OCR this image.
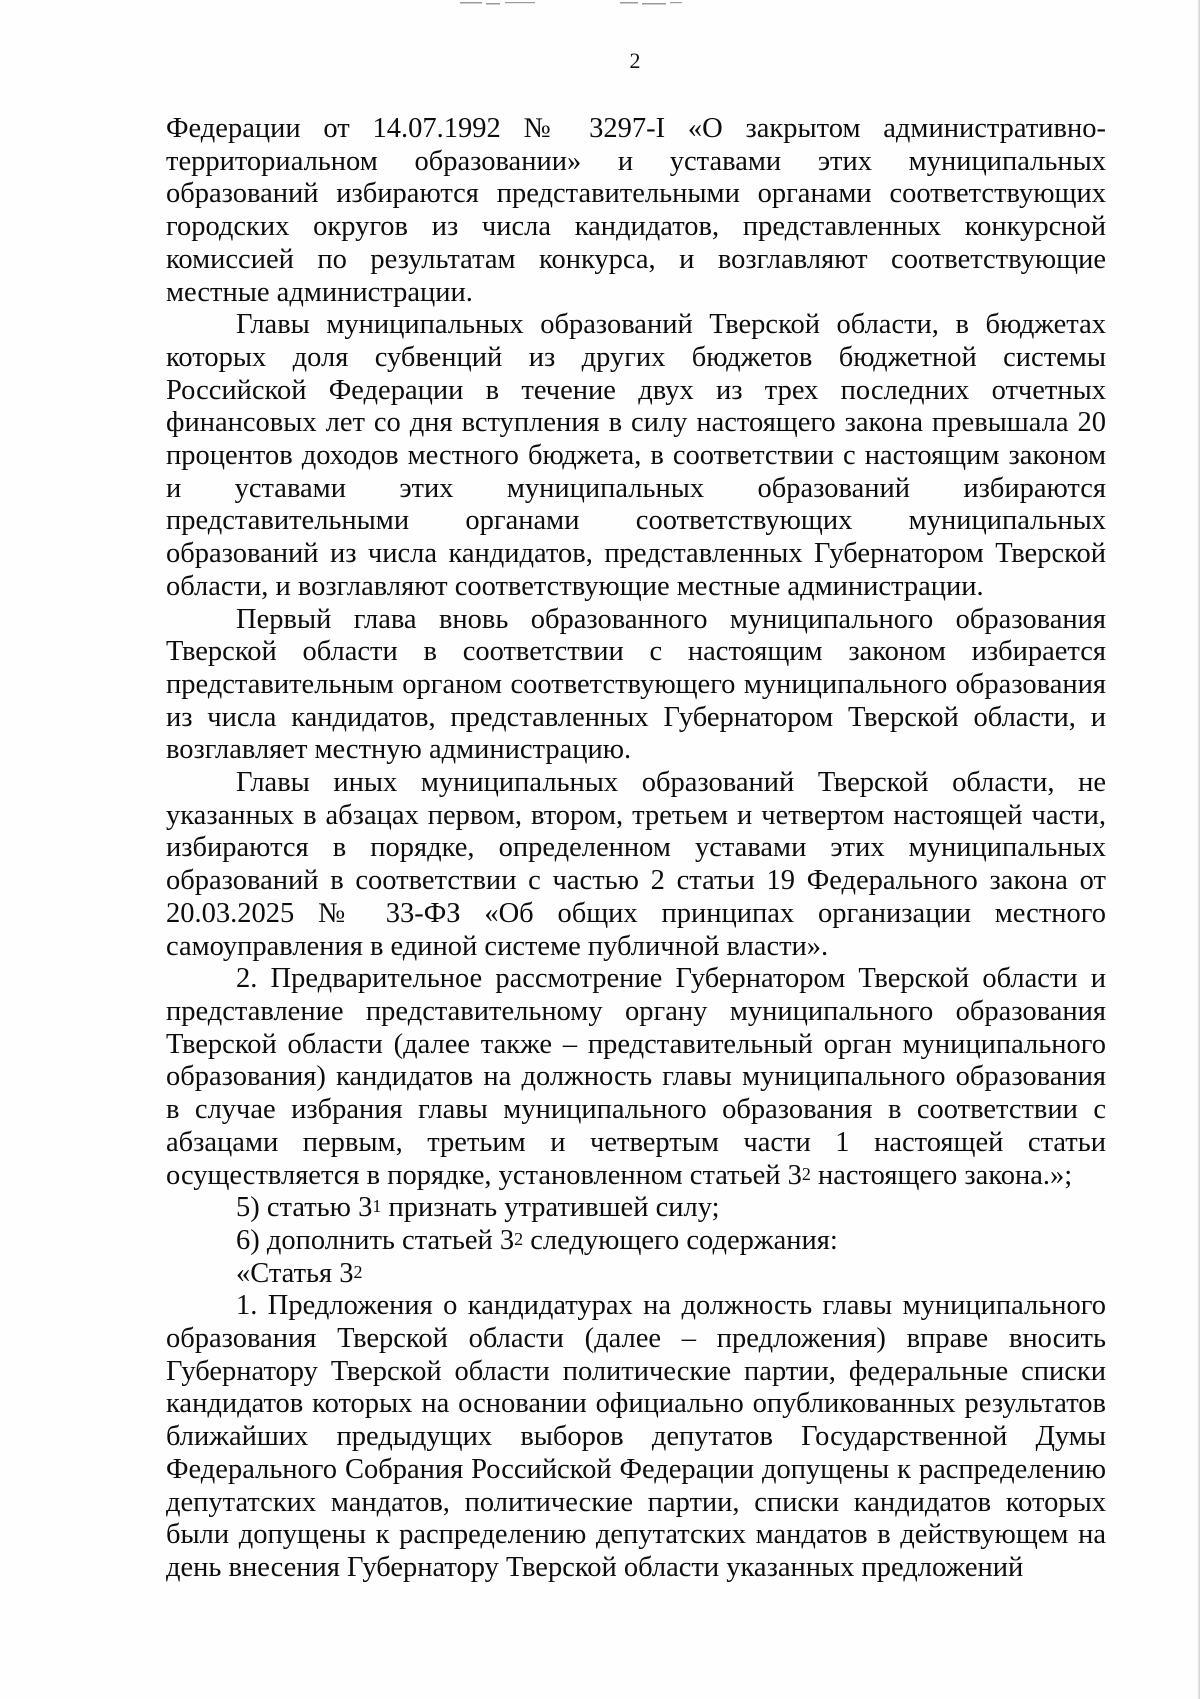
2

Федерации от 14.07.1992 № 3297-I «О закрытом административно-территориальном образовании» и уставами этих муниципальных образований избираются представительными органами соответствующих городских округов из числа кандидатов, представленных конкурсной комиссией по результатам конкурса, и возглавляют соответствующие местные администрации.

Главы муниципальных образований Тверской области, в бюджетах которых доля субвенций из других бюджетов бюджетной системы Российской Федерации в течение двух из трех последних отчетных финансовых лет со дня вступления в силу настоящего закона превышала 20 процентов доходов местного бюджета, в соответствии с настоящим законом и уставами этих муниципальных образований избираются представительными органами соответствующих муниципальных образований из числа кандидатов, представленных Губернатором Тверской области, и возглавляют соответствующие местные администрации.

Первый глава вновь образованного муниципального образования Тверской области в соответствии с настоящим законом избирается представительным органом соответствующего муниципального образования из числа кандидатов, представленных Губернатором Тверской области, и возглавляет местную администрацию.

Главы иных муниципальных образований Тверской области, не указанных в абзацах первом, втором, третьем и четвертом настоящей части, избираются в порядке, определенном уставами этих муниципальных образований в соответствии с частью 2 статьи 19 Федерального закона от 20.03.2025 № 33-ФЗ «Об общих принципах организации местного самоуправления в единой системе публичной власти».

2. Предварительное рассмотрение Губернатором Тверской области и представление представительному органу муниципального образования Тверской области (далее также – представительный орган муниципального образования) кандидатов на должность главы муниципального образования в случае избрания главы муниципального образования в соответствии с абзацами первым, третьим и четвертым части 1 настоящей статьи осуществляется в порядке, установленном статьей $3^2$ настоящего закона.»;

5) статью $3^1$ признать утратившей силу;

6) дополнить статьей $3^2$ следующего содержания:

«Статья $3^2$

1. Предложения о кандидатурах на должность главы муниципального образования Тверской области (далее – предложения) вправе вносить Губернатору Тверской области политические партии, федеральные списки кандидатов которых на основании официально опубликованных результатов ближайших предыдущих выборов депутатов Государственной Думы Федерального Собрания Российской Федерации допущены к распределению депутатских мандатов, политические партии, списки кандидатов которых были допущены к распределению депутатских мандатов в действующем на день внесения Губернатору Тверской области указанных предложений
